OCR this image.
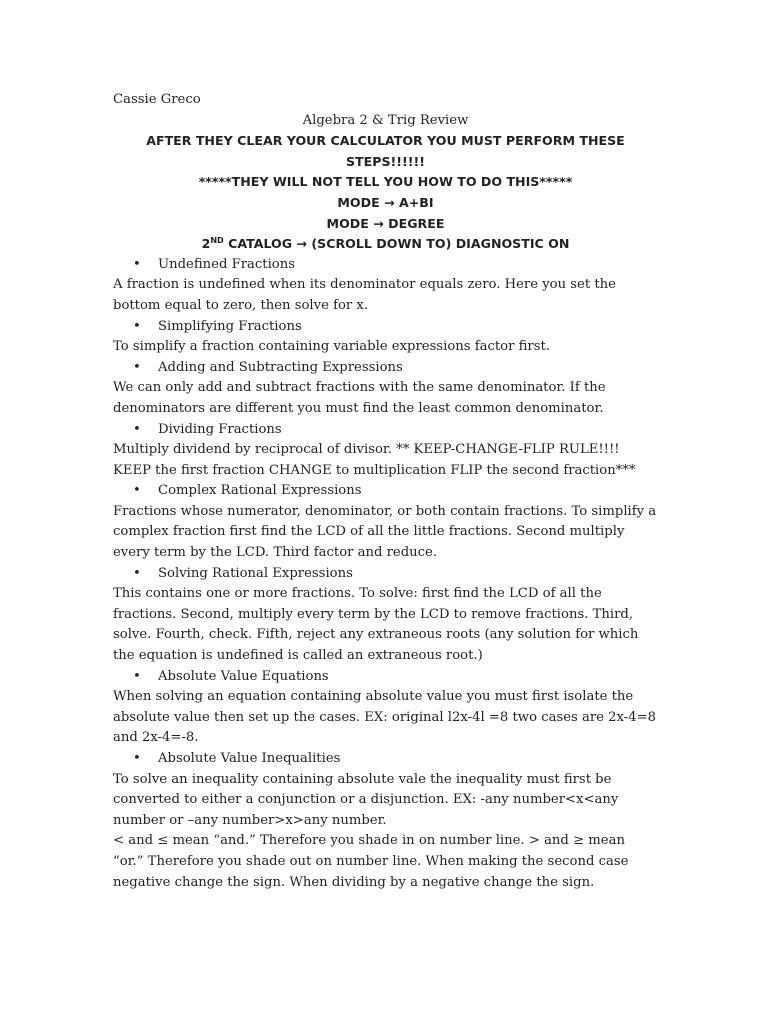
Cassie Greco

Algebra 2 & Trig Review

AFTER THEY CLEAR YOUR CALCULATOR YOU MUST PERFORM THESE STEPS!!!!!!

*****THEY WILL NOT TELL YOU HOW TO DO THIS*****

MODE → A+BI

MODE → DEGREE

2ND CATALOG → (SCROLL DOWN TO) DIAGNOSTIC ON

• Undefined Fractions

A fraction is undefined when its denominator equals zero. Here you set the bottom equal to zero, then solve for x.

• Simplifying Fractions

To simplify a fraction containing variable expressions factor first.

• Adding and Subtracting Expressions

We can only add and subtract fractions with the same denominator. If the denominators are different you must find the least common denominator.

• Dividing Fractions

Multiply dividend by reciprocal of divisor. ** KEEP-CHANGE-FLIP RULE!!!! KEEP the first fraction CHANGE to multiplication FLIP the second fraction***

• Complex Rational Expressions

Fractions whose numerator, denominator, or both contain fractions. To simplify a complex fraction first find the LCD of all the little fractions. Second multiply every term by the LCD. Third factor and reduce.

• Solving Rational Expressions

This contains one or more fractions. To solve: first find the LCD of all the fractions. Second, multiply every term by the LCD to remove fractions. Third, solve. Fourth, check. Fifth, reject any extraneous roots (any solution for which the equation is undefined is called an extraneous root.)

• Absolute Value Equations

When solving an equation containing absolute value you must first isolate the absolute value then set up the cases. EX: original l2x-4l =8 two cases are 2x-4=8 and 2x-4=-8.

• Absolute Value Inequalities

To solve an inequality containing absolute vale the inequality must first be converted to either a conjunction or a disjunction. EX: -any number<x<any number or –any number>x>any number.

< and ≤ mean “and.” Therefore you shade in on number line. > and ≥ mean “or.” Therefore you shade out on number line. When making the second case negative change the sign. When dividing by a negative change the sign.
